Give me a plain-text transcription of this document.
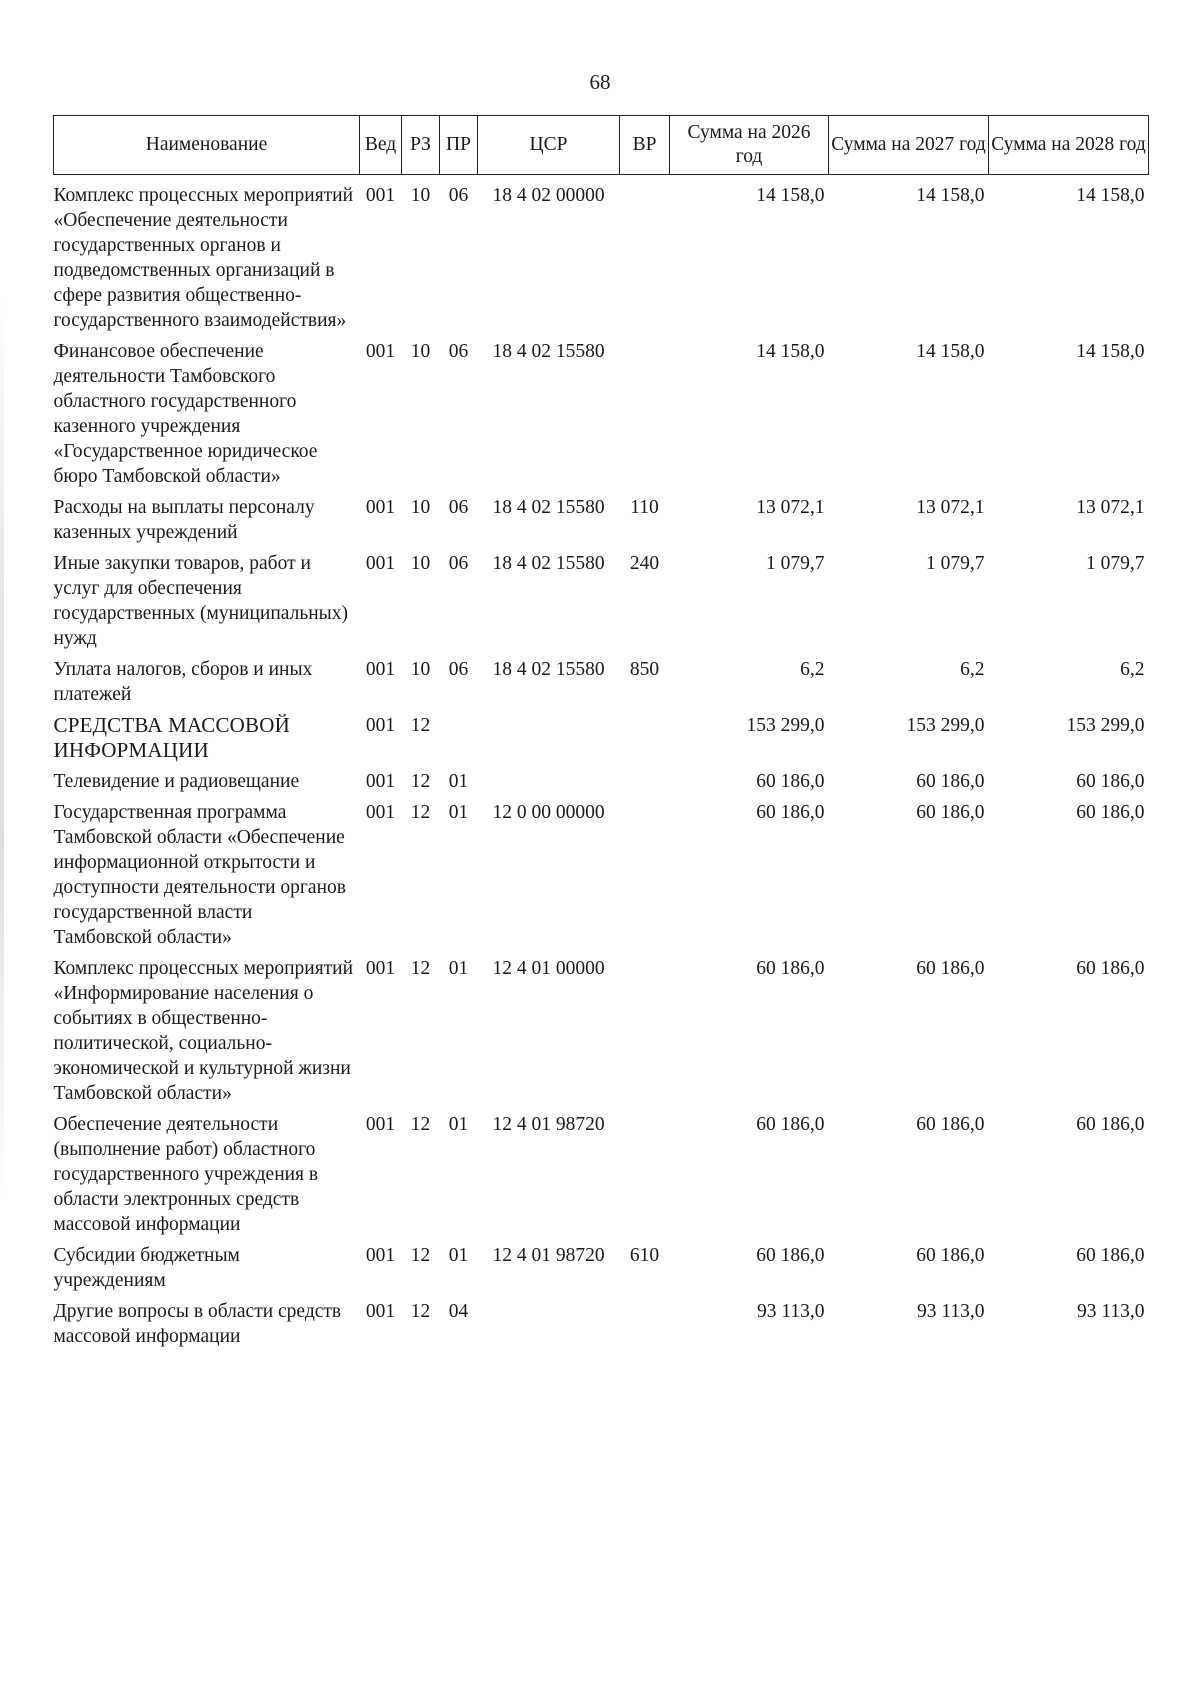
68
Наименование	Вед	РЗ	ПР	ЦСР	ВР	Сумма на 2026 год	Сумма на 2027 год	Сумма на 2028 год
Комплекс процессных мероприятий «Обеспечение деятельности государственных органов и подведомственных организаций в сфере развития общественно-государственного взаимодействия»	001	10	06	18 4 02 00000		14 158,0	14 158,0	14 158,0
Финансовое обеспечение деятельности Тамбовского областного государственного казенного учреждения «Государственное юридическое бюро Тамбовской области»	001	10	06	18 4 02 15580		14 158,0	14 158,0	14 158,0
Расходы на выплаты персоналу казенных учреждений	001	10	06	18 4 02 15580	110	13 072,1	13 072,1	13 072,1
Иные закупки товаров, работ и услуг для обеспечения государственных (муниципальных) нужд	001	10	06	18 4 02 15580	240	1 079,7	1 079,7	1 079,7
Уплата налогов, сборов и иных платежей	001	10	06	18 4 02 15580	850	6,2	6,2	6,2
СРЕДСТВА МАССОВОЙ ИНФОРМАЦИИ	001	12				153 299,0	153 299,0	153 299,0
Телевидение и радиовещание	001	12	01			60 186,0	60 186,0	60 186,0
Государственная программа Тамбовской области «Обеспечение информационной открытости и доступности деятельности органов государственной власти Тамбовской области»	001	12	01	12 0 00 00000		60 186,0	60 186,0	60 186,0
Комплекс процессных мероприятий «Информирование населения о событиях в общественно-политической, социально-экономической и культурной жизни Тамбовской области»	001	12	01	12 4 01 00000		60 186,0	60 186,0	60 186,0
Обеспечение деятельности (выполнение работ) областного государственного учреждения в области электронных средств массовой информации	001	12	01	12 4 01 98720		60 186,0	60 186,0	60 186,0
Субсидии бюджетным учреждениям	001	12	01	12 4 01 98720	610	60 186,0	60 186,0	60 186,0
Другие вопросы в области средств массовой информации	001	12	04			93 113,0	93 113,0	93 113,0
